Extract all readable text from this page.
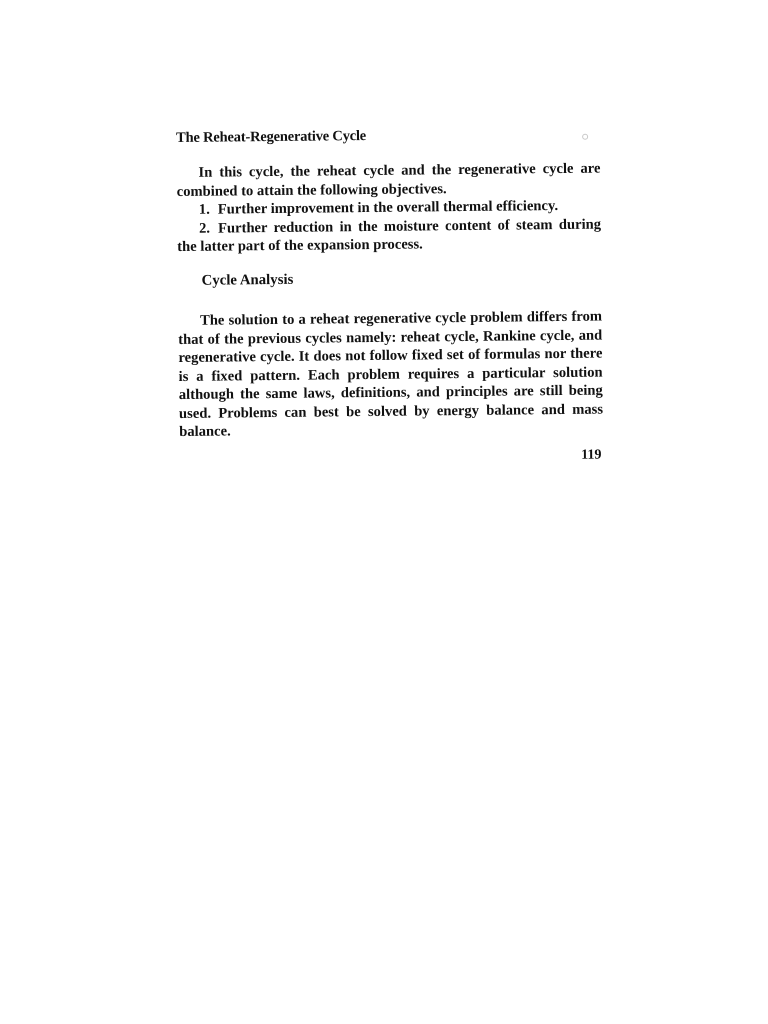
The Reheat-Regenerative Cycle
In this cycle, the reheat cycle and the regenerative cycle are combined to attain the following objectives.
1. Further improvement in the overall thermal efficiency.
2. Further reduction in the moisture content of steam during the latter part of the expansion process.
Cycle Analysis
The solution to a reheat regenerative cycle problem differs from that of the previous cycles namely: reheat cycle, Rankine cycle, and regenerative cycle. It does not follow fixed set of formulas nor there is a fixed pattern. Each problem requires a particular solution although the same laws, definitions, and principles are still being used. Problems can best be solved by energy balance and mass balance.
119
